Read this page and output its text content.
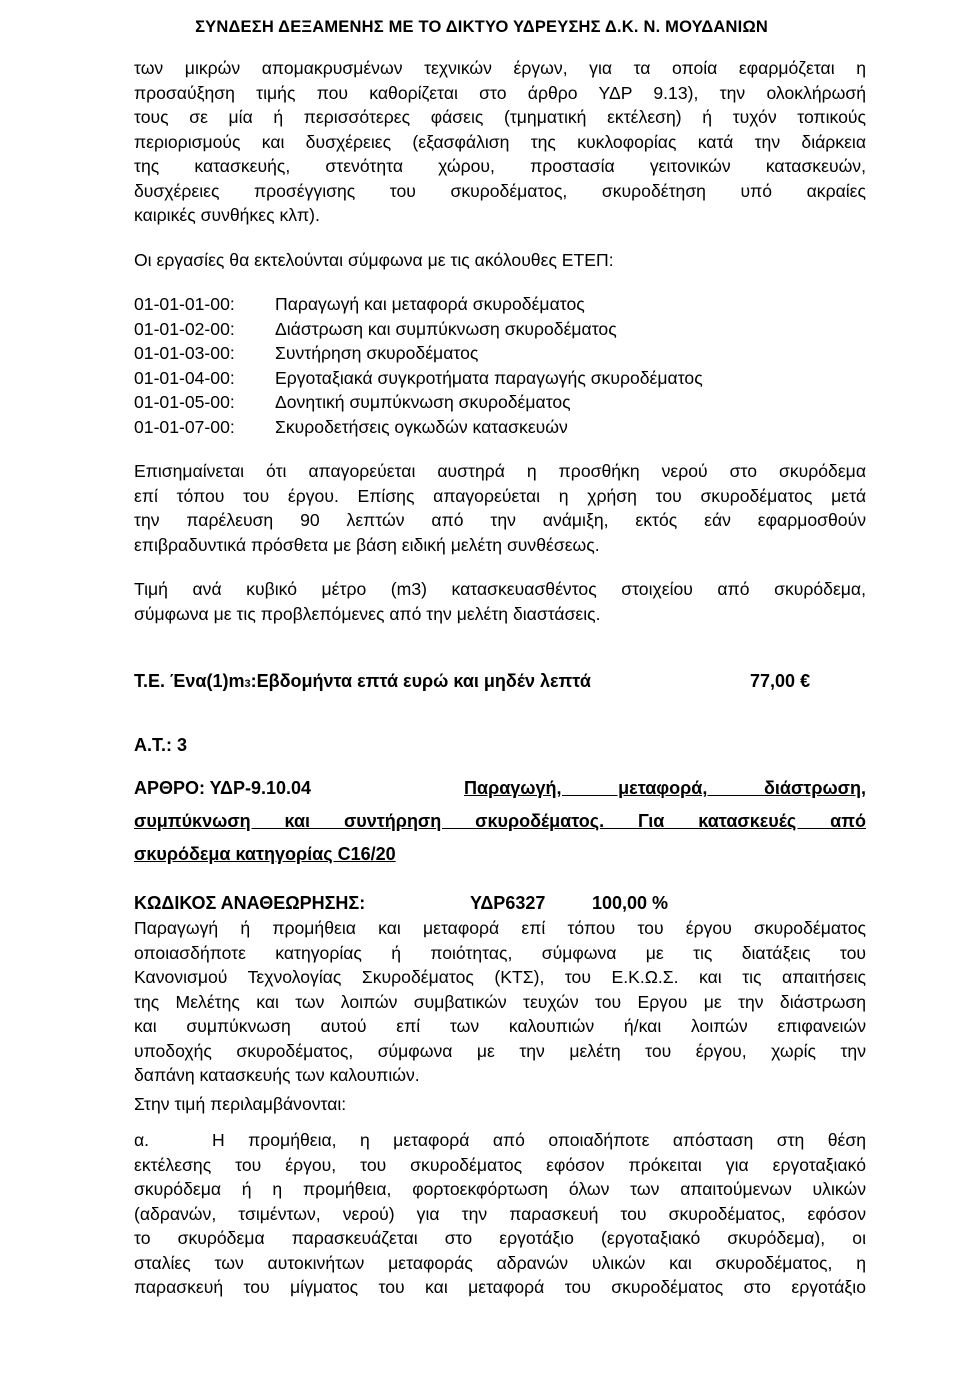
ΣΥΝΔΕΣΗ ΔΕΞΑΜΕΝΗΣ ΜΕ ΤΟ ΔΙΚΤΥΟ ΥΔΡΕΥΣΗΣ Δ.Κ. Ν. ΜΟΥΔΑΝΙΩΝ

των μικρών απομακρυσμένων τεχνικών έργων, για τα οποία εφαρμόζεται η

προσαύξηση τιμής που καθορίζεται στο άρθρο ΥΔΡ 9.13), την ολοκλήρωσή

τους σε μία ή περισσότερες φάσεις (τμηματική εκτέλεση) ή τυχόν τοπικούς

περιορισμούς και δυσχέρειες (εξασφάλιση της κυκλοφορίας κατά την διάρκεια

της κατασκευής, στενότητα χώρου, προστασία γειτονικών κατασκευών,

δυσχέρειες προσέγγισης του σκυροδέματος, σκυροδέτηση υπό ακραίες

καιρικές συνθήκες κλπ).

Οι εργασίες θα εκτελούνται σύμφωνα με τις ακόλουθες ΕΤΕΠ:

01-01-01-00:	Παραγωγή και μεταφορά σκυροδέματος
01-01-02-00:	Διάστρωση και συμπύκνωση σκυροδέματος
01-01-03-00:	Συντήρηση σκυροδέματος
01-01-04-00:	Εργοταξιακά συγκροτήματα παραγωγής σκυροδέματος
01-01-05-00:	Δονητική συμπύκνωση σκυροδέματος
01-01-07-00:	Σκυροδετήσεις ογκωδών κατασκευών

Επισημαίνεται ότι απαγορεύεται αυστηρά η προσθήκη νερού στο σκυρόδεμα

επί τόπου του έργου. Επίσης απαγορεύεται η χρήση του σκυροδέματος μετά

την παρέλευση 90 λεπτών από την ανάμιξη, εκτός εάν εφαρμοσθούν

επιβραδυντικά πρόσθετα με βάση ειδική μελέτη συνθέσεως.

Τιμή ανά κυβικό μέτρο (m3) κατασκευασθέντος στοιχείου από σκυρόδεμα,

σύμφωνα με τις προβλεπόμενες από την μελέτη διαστάσεις.

Τ.Ε. Ένα(1)m 3 :Εβδομήντα επτά ευρώ και μηδέν λεπτά	77,00 €
Α.Τ.: 3
ΑΡΘΡΟ: ΥΔΡ-9.10.04	Παραγωγή, μεταφορά, διάστρωση,
συμπύκνωση και συντήρηση σκυροδέματος. Για κατασκευές από
σκυρόδεμα κατηγορίας C16/20
ΚΩΔΙΚΟΣ ΑΝΑΘΕΩΡΗΣΗΣ:	ΥΔΡ6327	100,00 %

Παραγωγή ή προμήθεια και μεταφορά επί τόπου του έργου σκυροδέματος

οποιασδήποτε κατηγορίας ή ποιότητας, σύμφωνα με τις διατάξεις του

Κανονισμού Τεχνολογίας Σκυροδέματος (ΚΤΣ), του Ε.Κ.Ω.Σ. και τις απαιτήσεις

της Μελέτης και των λοιπών συμβατικών τευχών του Εργου με την διάστρωση

και συμπύκνωση αυτού επί των καλουπιών ή/και λοιπών επιφανειών

υποδοχής σκυροδέματος, σύμφωνα με την μελέτη του έργου, χωρίς την

δαπάνη κατασκευής των καλουπιών.

Στην τιμή περιλαμβάνονται:

α.	Η προμήθεια, η μεταφορά από οποιαδήποτε απόσταση στη θέση

εκτέλεσης του έργου, του σκυροδέματος εφόσον πρόκειται για εργοταξιακό

σκυρόδεμα ή η προμήθεια, φορτοεκφόρτωση όλων των απαιτούμενων υλικών

(αδρανών, τσιμέντων, νερού) για την παρασκευή του σκυροδέματος, εφόσον

το σκυρόδεμα παρασκευάζεται στο εργοτάξιο (εργοταξιακό σκυρόδεμα), οι

σταλίες των αυτοκινήτων μεταφοράς αδρανών υλικών και σκυροδέματος, η

παρασκευή του μίγματος του και μεταφορά του σκυροδέματος στο εργοτάξιο
